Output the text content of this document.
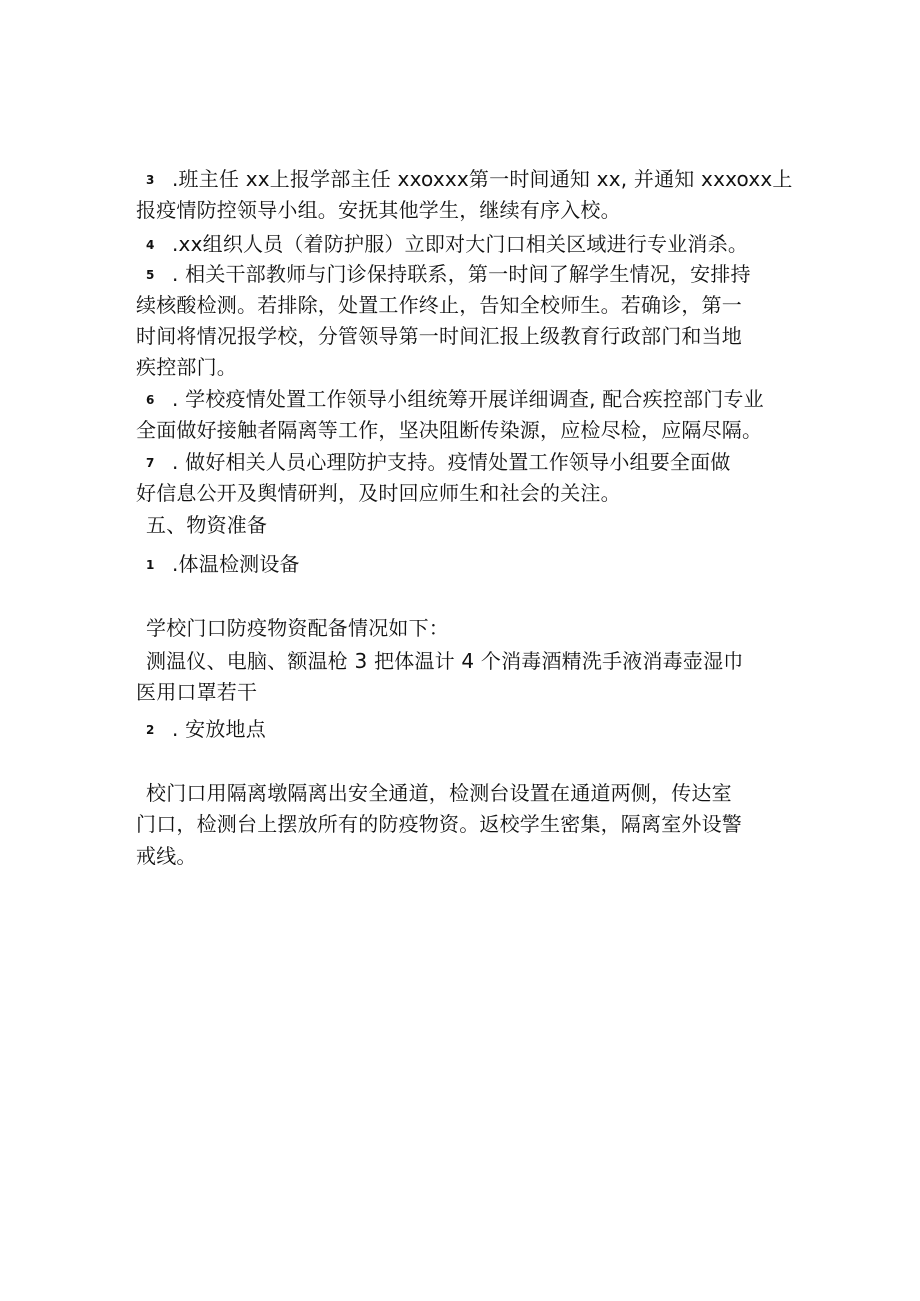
3 .班主任 xx上报学部主任 xxoxxx第一时间通知 xx, 并通知 xxxoxx上
报疫情防控领导小组。安抚其他学生，继续有序入校。
4 .xx组织人员（着防护服）立即对大门口相关区域进行专业消杀。
5 . 相关干部教师与门诊保持联系，第一时间了解学生情况，安排持
续核酸检测。若排除，处置工作终止，告知全校师生。若确诊，第一
时间将情况报学校，分管领导第一时间汇报上级教育行政部门和当地
疾控部门。
6 . 学校疫情处置工作领导小组统筹开展详细调查, 配合疾控部门专业
全面做好接触者隔离等工作，坚决阻断传染源，应检尽检，应隔尽隔。
7 . 做好相关人员心理防护支持。疫情处置工作领导小组要全面做
好信息公开及舆情研判，及时回应师生和社会的关注。
五、物资准备
1 .体温检测设备
学校门口防疫物资配备情况如下：
测温仪、电脑、额温枪 3 把体温计 4 个消毒酒精洗手液消毒壶湿巾
医用口罩若干
2 . 安放地点
校门口用隔离墩隔离出安全通道，检测台设置在通道两侧，传达室
门口，检测台上摆放所有的防疫物资。返校学生密集，隔离室外设警
戒线。
